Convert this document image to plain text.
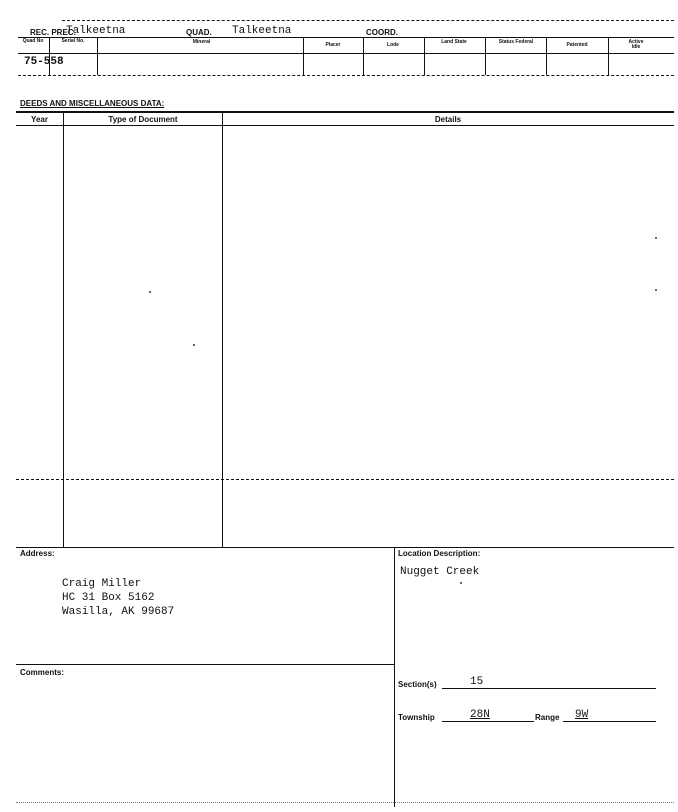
REC. PREC.
Talkeetna	QUAD. Talkeetna	COORD.
Quad No	Serial No.	Mineral	Placer	Lode	Land State	Status Federal	Patented	Active Idle
75-558
DEEDS AND MISCELLANEOUS DATA:
Year	Type of Document	Details
Address:
Craig Miller
HC 31 Box 5162
Wasilla, AK 99687
Comments:
Location Description:
Nugget Creek
Section(s)	15
Township	28N	Range 9W
